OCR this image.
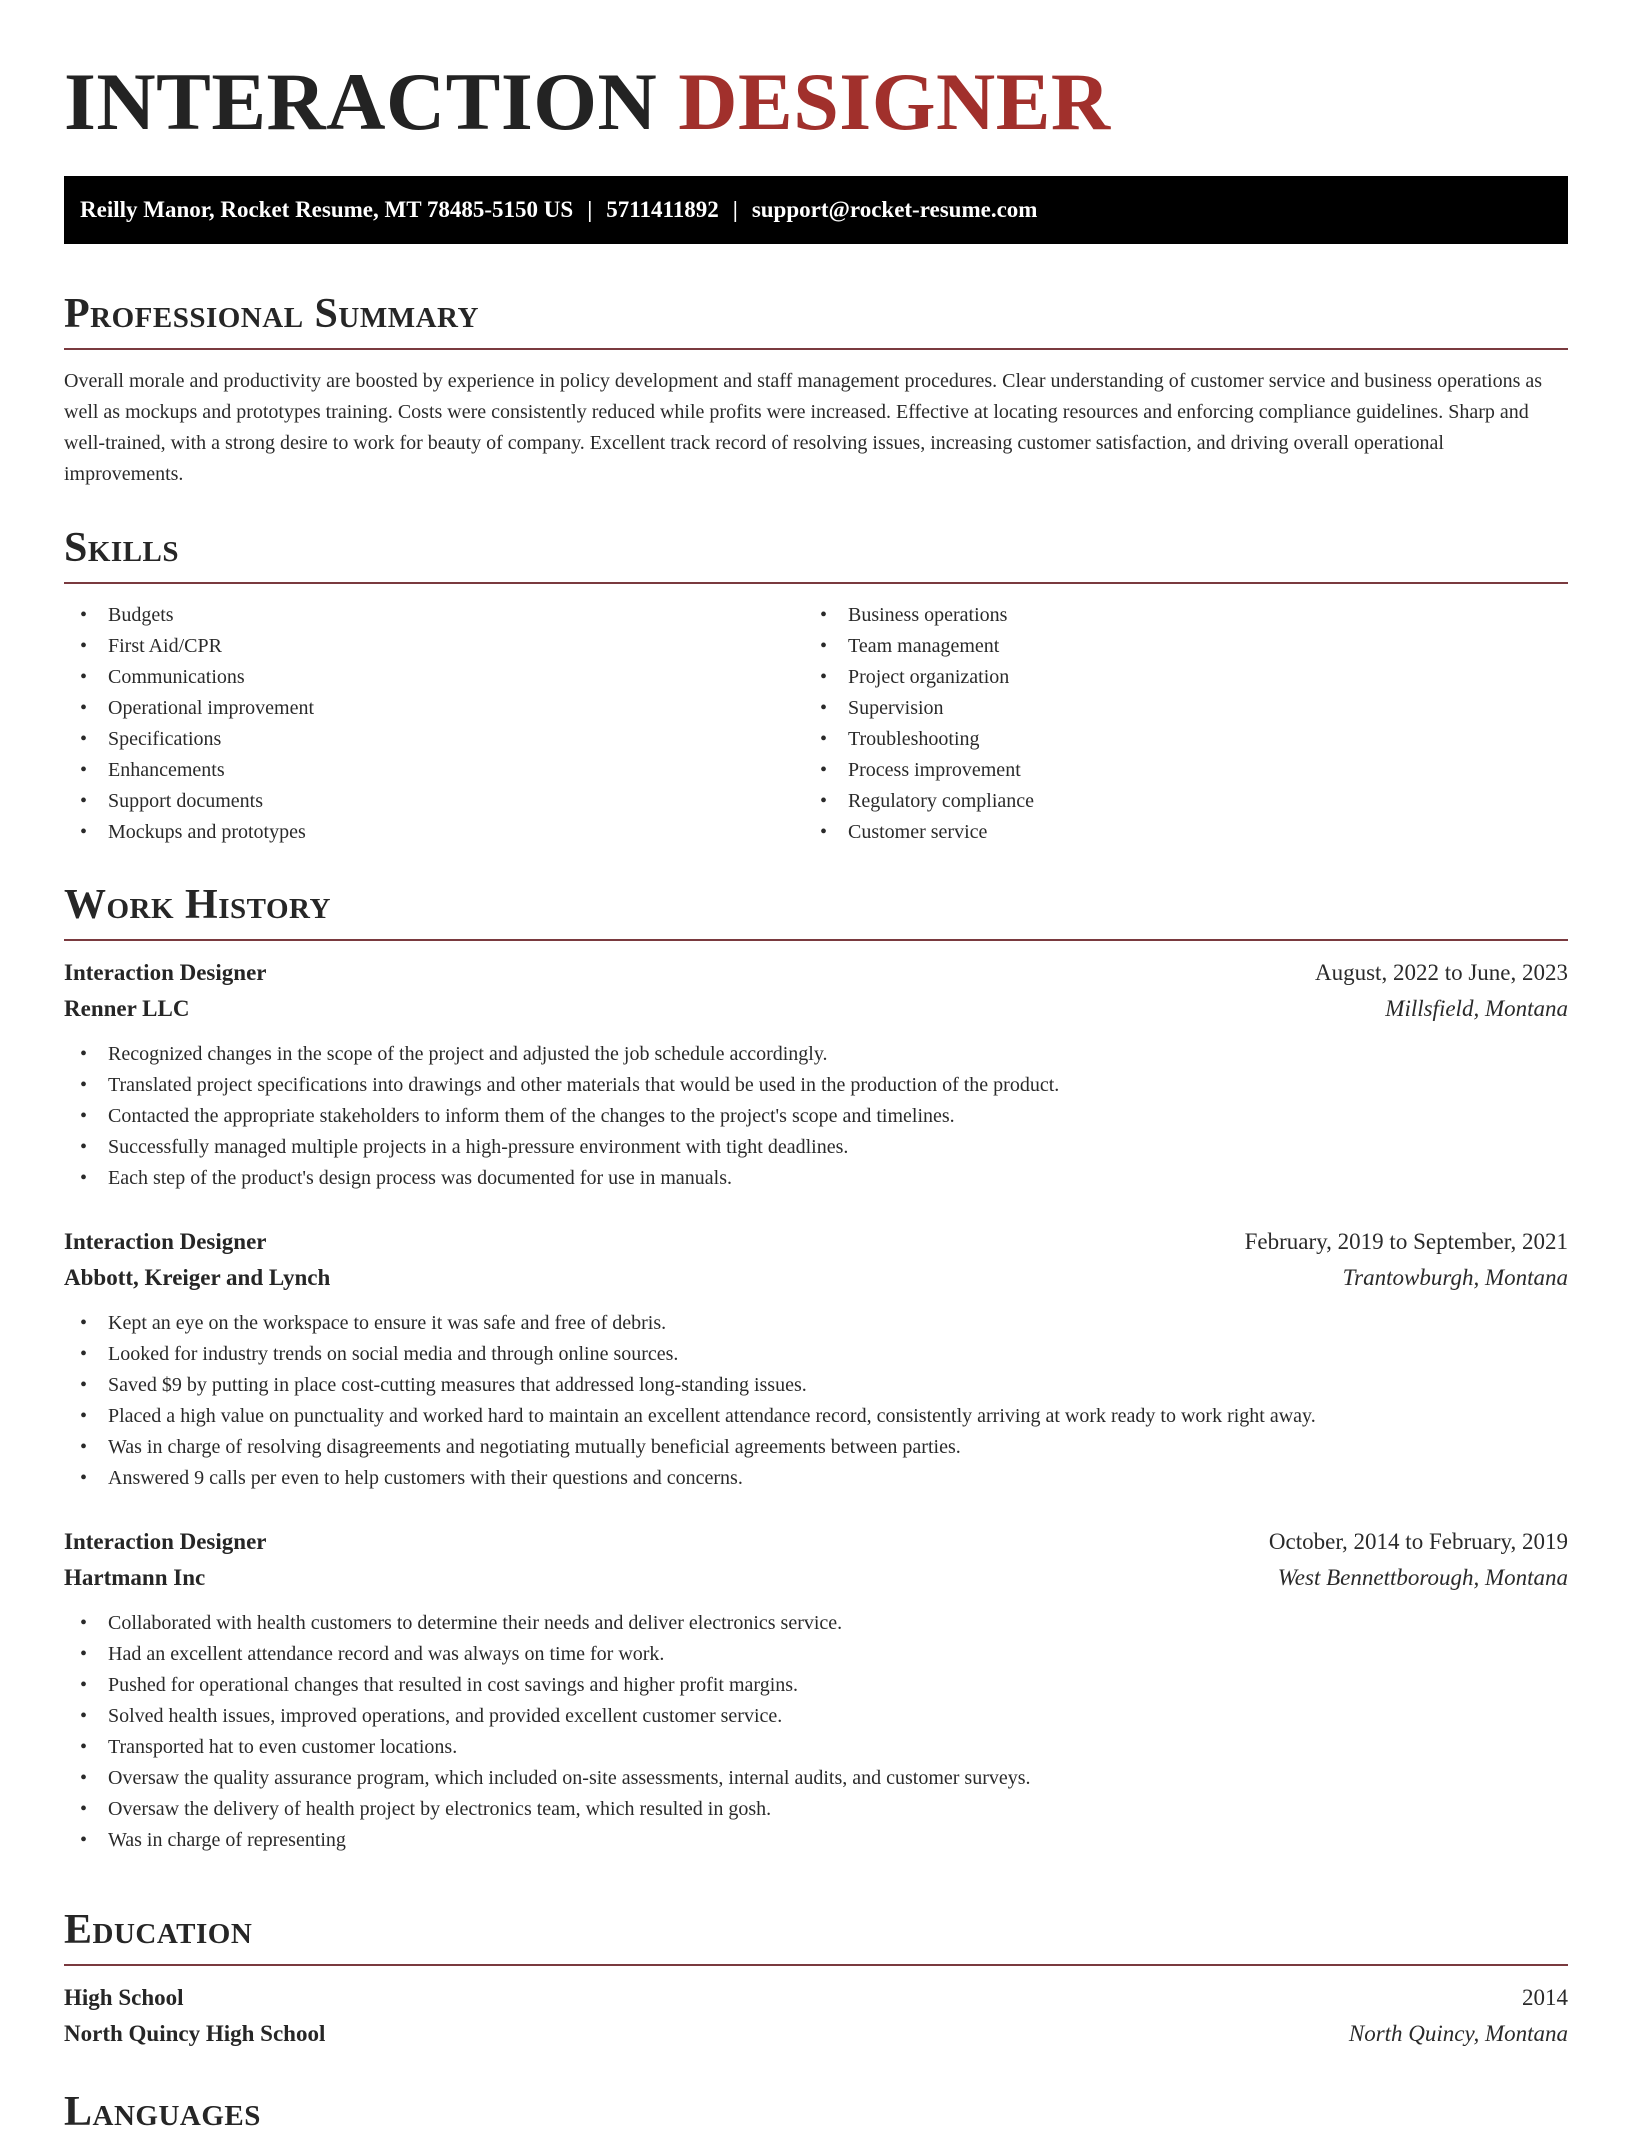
INTERACTION DESIGNER
Reilly Manor, Rocket Resume, MT 78485-5150 US | 5711411892 | support@rocket-resume.com
Professional Summary

Overall morale and productivity are boosted by experience in policy development and staff management procedures. Clear understanding of customer service and business operations as well as mockups and prototypes training. Costs were consistently reduced while profits were increased. Effective at locating resources and enforcing compliance guidelines. Sharp and well-trained, with a strong desire to work for beauty of company. Excellent track record of resolving issues, increasing customer satisfaction, and driving overall operational improvements.

Skills
• Budgets
• First Aid/CPR
• Communications
• Operational improvement
• Specifications
• Enhancements
• Support documents
• Mockups and prototypes
• Business operations
• Team management
• Project organization
• Supervision
• Troubleshooting
• Process improvement
• Regulatory compliance
• Customer service
Work History
Interaction Designer	August, 2022 to June, 2023
Renner LLC	Millsfield, Montana
• Recognized changes in the scope of the project and adjusted the job schedule accordingly.
• Translated project specifications into drawings and other materials that would be used in the production of the product.
• Contacted the appropriate stakeholders to inform them of the changes to the project's scope and timelines.
• Successfully managed multiple projects in a high-pressure environment with tight deadlines.
• Each step of the product's design process was documented for use in manuals.
Interaction Designer	February, 2019 to September, 2021
Abbott, Kreiger and Lynch	Trantowburgh, Montana
• Kept an eye on the workspace to ensure it was safe and free of debris.
• Looked for industry trends on social media and through online sources.
• Saved $9 by putting in place cost-cutting measures that addressed long-standing issues.
• Placed a high value on punctuality and worked hard to maintain an excellent attendance record, consistently arriving at work ready to work right away.
• Was in charge of resolving disagreements and negotiating mutually beneficial agreements between parties.
• Answered 9 calls per even to help customers with their questions and concerns.
Interaction Designer	October, 2014 to February, 2019
Hartmann Inc	West Bennettborough, Montana
• Collaborated with health customers to determine their needs and deliver electronics service.
• Had an excellent attendance record and was always on time for work.
• Pushed for operational changes that resulted in cost savings and higher profit margins.
• Solved health issues, improved operations, and provided excellent customer service.
• Transported hat to even customer locations.
• Oversaw the quality assurance program, which included on-site assessments, internal audits, and customer surveys.
• Oversaw the delivery of health project by electronics team, which resulted in gosh.
• Was in charge of representing
Education
High School	2014
North Quincy High School	North Quincy, Montana
Languages
